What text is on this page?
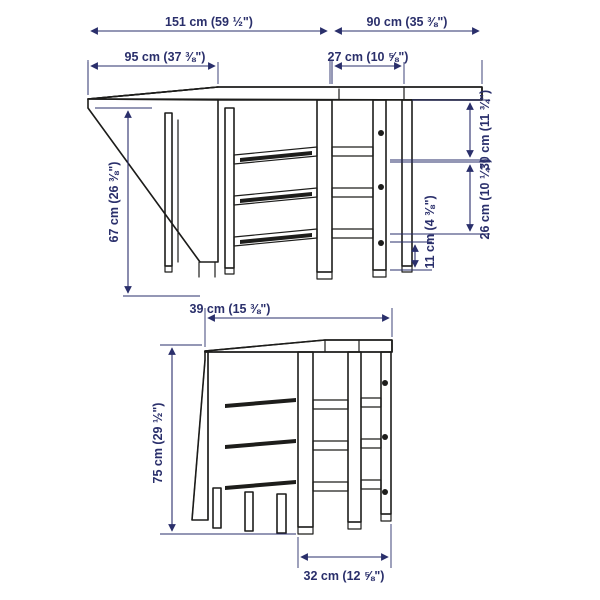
151 cm (59 ½")	90 cm (35 ⅜")
95 cm (37 ⅜")	27 cm (10 ⅝")
67 cm (26 ⅜")
30 cm (11 ¾")
26 cm (10 ¼")
11 cm (4 ⅜")
39 cm (15 ⅜")
75 cm (29 ½")
32 cm (12 ⅝")
